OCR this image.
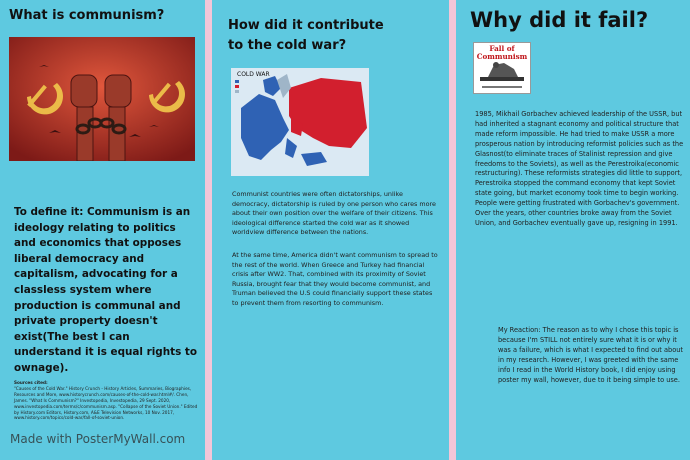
What is communism?
To define it: Communism is an ideology relating to politics and economics that opposes liberal democracy and capitalism, advocating for a classless system where production is communal and private property doesn't exist(The best I can understand it is equal rights to ownage).
Sources cited:
"Causes of the Cold War." History Crunch - History Articles, Summaries, Biographies, Resources and More, www.historycrunch.com/causes-of-the-cold-war.html#/. Chen, James. "What Is Communism?" Investopedia, Investopedia, 29 Sept. 2020, www.investopedia.com/terms/c/communism.asp. "Collapse of the Soviet Union." Edited by History.com Editors, History.com, A&E Television Networks, 10 Nov. 2017, www.history.com/topics/cold-war/fall-of-soviet-union.
Made with PosterMyWall.com
How did it contribute to the cold war?
COLD WAR
Communist countries were often dictatorships, unlike democracy, dictatorship is ruled by one person who cares more about their own position over the welfare of their citizens. This ideological difference started the cold war as it showed worldview difference between the nations.
At the same time, America didn't want communism to spread to the rest of the world. When Greece and Turkey had financial crisis after WW2. That, combined with its proximity of Soviet Russia, brought fear that they would become communist, and Truman believed the U.S could financially support these states to prevent them from resorting to communism.
Why did it fail?
Fall of Communism
1985, Mikhail Gorbachev achieved leadership of the USSR, but had inherited a stagnant economy and political structure that made reform impossible. He had tried to make USSR a more prosperous nation by introducing reformist policies such as the Glasnost(to eliminate traces of Stalinist repression and give freedoms to the Soviets), as well as the Perestroika(economic restructuring). These reformists strategies did little to support, Perestroika stopped the command economy that kept Soviet state going, but market economy took time to begin working. People were getting frustrated with Gorbachev's government. Over the years, other countries broke away from the Soviet Union, and Gorbachev eventually gave up, resigning in 1991.
My Reaction: The reason as to why I chose this topic is because I'm STILL not entirely sure what it is or why it was a failure, which is what I expected to find out about in my research. However, I was greeted with the same info I read in the World History book, I did enjoy using poster my wall, however, due to it being simple to use.
